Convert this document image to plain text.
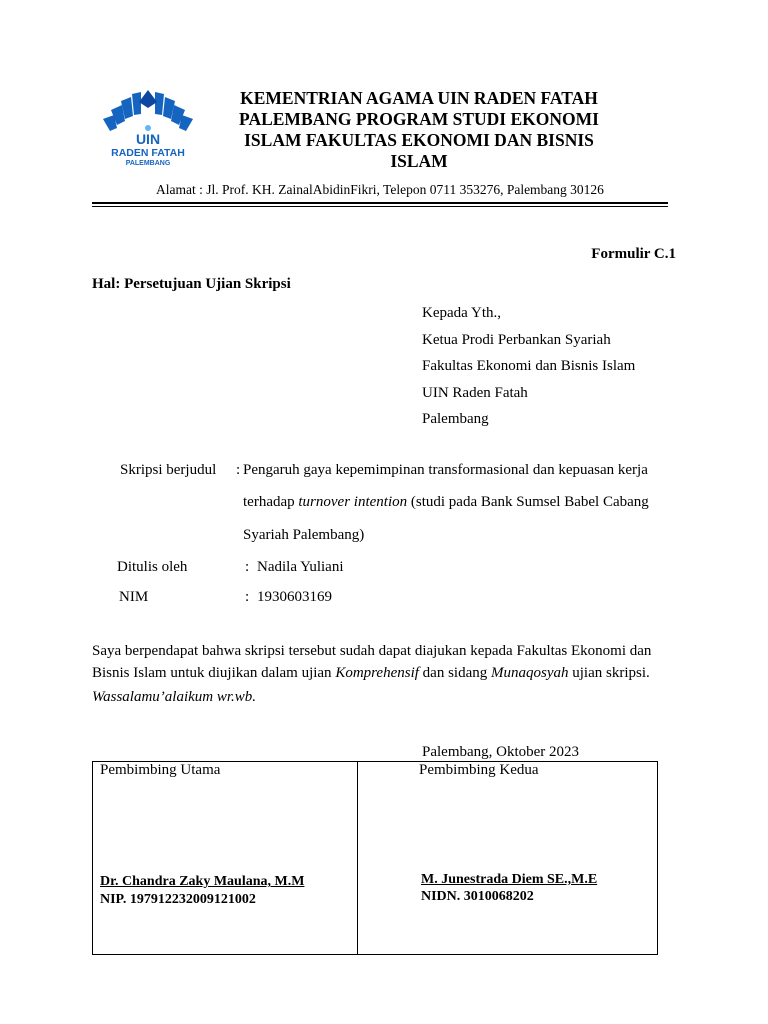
UIN
RADEN FATAH
PALEMBANG
KEMENTRIAN AGAMA UIN RADEN FATAH
PALEMBANG PROGRAM STUDI EKONOMI
ISLAM FAKULTAS EKONOMI DAN BISNIS
ISLAM
Alamat : Jl. Prof. KH. ZainalAbidinFikri, Telepon 0711 353276, Palembang 30126
Formulir C.1
Hal: Persetujuan Ujian Skripsi
Kepada Yth.,
Ketua Prodi Perbankan Syariah
Fakultas Ekonomi dan Bisnis Islam
UIN Raden Fatah
Palembang
Skripsi berjudul : Pengaruh gaya kepemimpinan transformasional dan kepuasan kerja
terhadap turnover intention (studi pada Bank Sumsel Babel Cabang
Syariah Palembang)
Ditulis oleh	: Nadila Yuliani
NIM	: 1930603169
Saya berpendapat bahwa skripsi tersebut sudah dapat diajukan kepada Fakultas Ekonomi dan Bisnis Islam untuk diujikan dalam ujian Komprehensif dan sidang Munaqosyah ujian skripsi.
Wassalamu’alaikum wr.wb.
Palembang, Oktober 2023
Pembimbing Utama
Dr. Chandra Zaky Maulana, M.M
NIP. 197912232009121002
Pembimbing Kedua
M. Junestrada Diem SE.,M.E
NIDN. 3010068202
